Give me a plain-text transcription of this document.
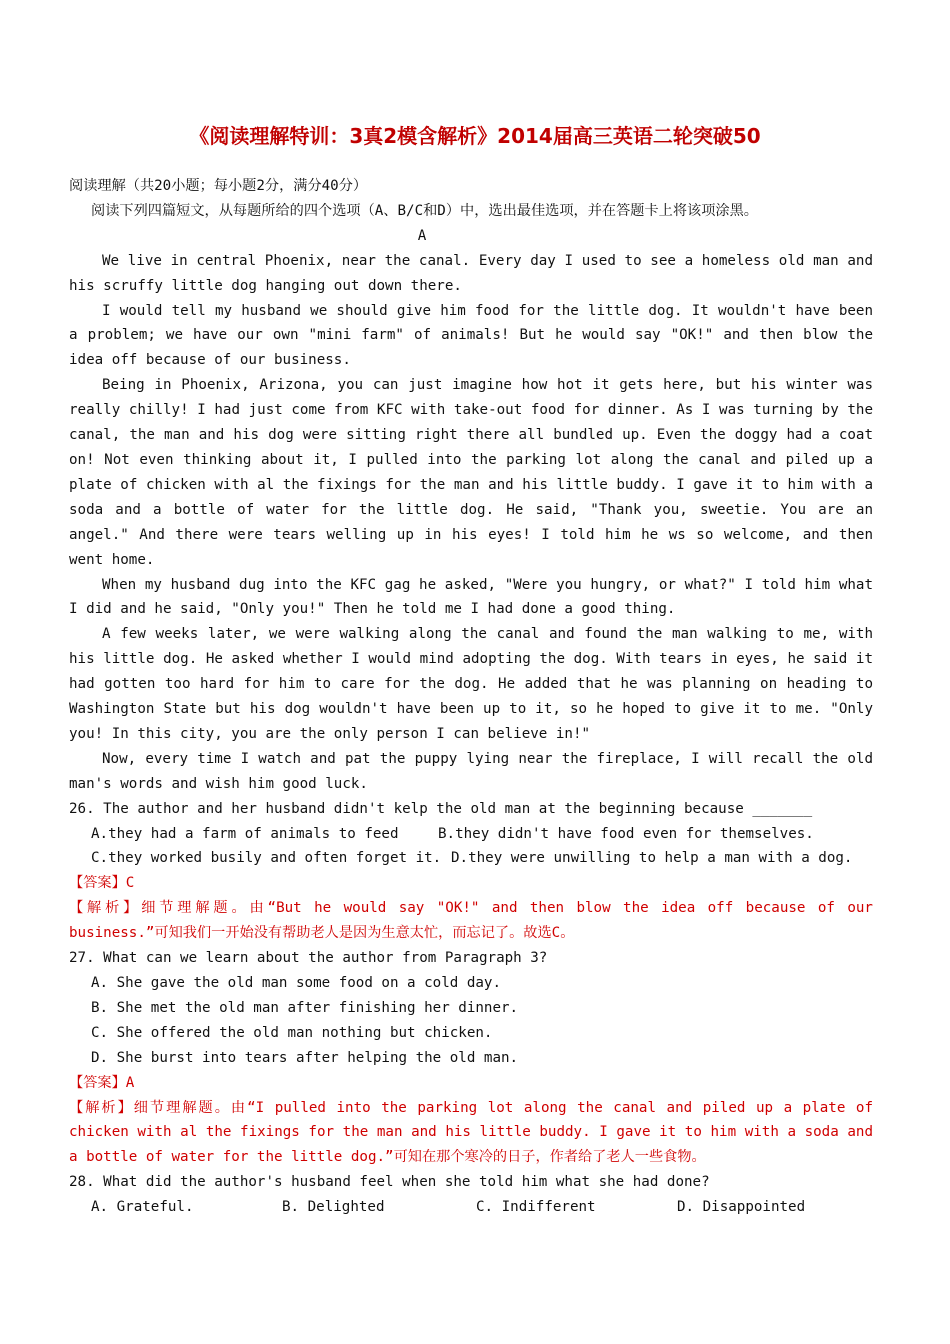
《阅读理解特训：3真2模含解析》2014届高三英语二轮突破50

阅读理解（共20小题；每小题2分，满分40分）

阅读下列四篇短文，从每题所给的四个选项（A、B/C和D）中，选出最佳选项，并在答题卡上将该项涂黑。

A

We live in central Phoenix, near the canal. Every day I used to see a homeless old man and his scruffy little dog hanging out down there.

I would tell my husband we should give him food for the little dog. It wouldn't have been a problem; we have our own "mini farm" of animals! But he would say "OK!" and then blow the idea off because of our business.

Being in Phoenix, Arizona, you can just imagine how hot it gets here, but his winter was really chilly! I had just come from KFC with take-out food for dinner. As I was turning by the canal, the man and his dog were sitting right there all bundled up. Even the doggy had a coat on! Not even thinking about it, I pulled into the parking lot along the canal and piled up a plate of chicken with al the fixings for the man and his little buddy. I gave it to him with a soda and a bottle of water for the little dog. He said, "Thank you, sweetie. You are an angel." And there were tears welling up in his eyes! I told him he ws so welcome, and then went home.

When my husband dug into the KFC gag he asked, "Were you hungry, or what?" I told him what I did and he said, "Only you!" Then he told me I had done a good thing.

A few weeks later, we were walking along the canal and found the man walking to me, with his little dog. He asked whether I would mind adopting the dog. With tears in eyes, he said it had gotten too hard for him to care for the dog. He added that he was planning on heading to Washington State but his dog wouldn't have been up to it, so he hoped to give it to me. "Only you! In this city, you are the only person I can believe in!"

Now, every time I watch and pat the puppy lying near the fireplace, I will recall the old man's words and wish him good luck.

26. The author and her husband didn't kelp the old man at the beginning because _______

A.they had a farm of animals to feed	B.they didn't have food even for themselves.
C.they worked busily and often forget it. D.they were unwilling to help a man with a dog.

【答案】C

【解析】细节理解题。由“But he would say "OK!" and then blow the idea off because of our business.”可知我们一开始没有帮助老人是因为生意太忙，而忘记了。故选C。

27. What can we learn about the author from Paragraph 3?

A. She gave the old man some food on a cold day.

B. She met the old man after finishing her dinner.

C. She offered the old man nothing but chicken.

D. She burst into tears after helping the old man.

【答案】A

【解析】细节理解题。由“I pulled into the parking lot along the canal and piled up a plate of chicken with al the fixings for the man and his little buddy. I gave it to him with a soda and a bottle of water for the little dog.”可知在那个寒冷的日子，作者给了老人一些食物。

28. What did the author's husband feel when she told him what she had done?

A. Grateful.	B. Delighted	C. Indifferent	D. Disappointed
